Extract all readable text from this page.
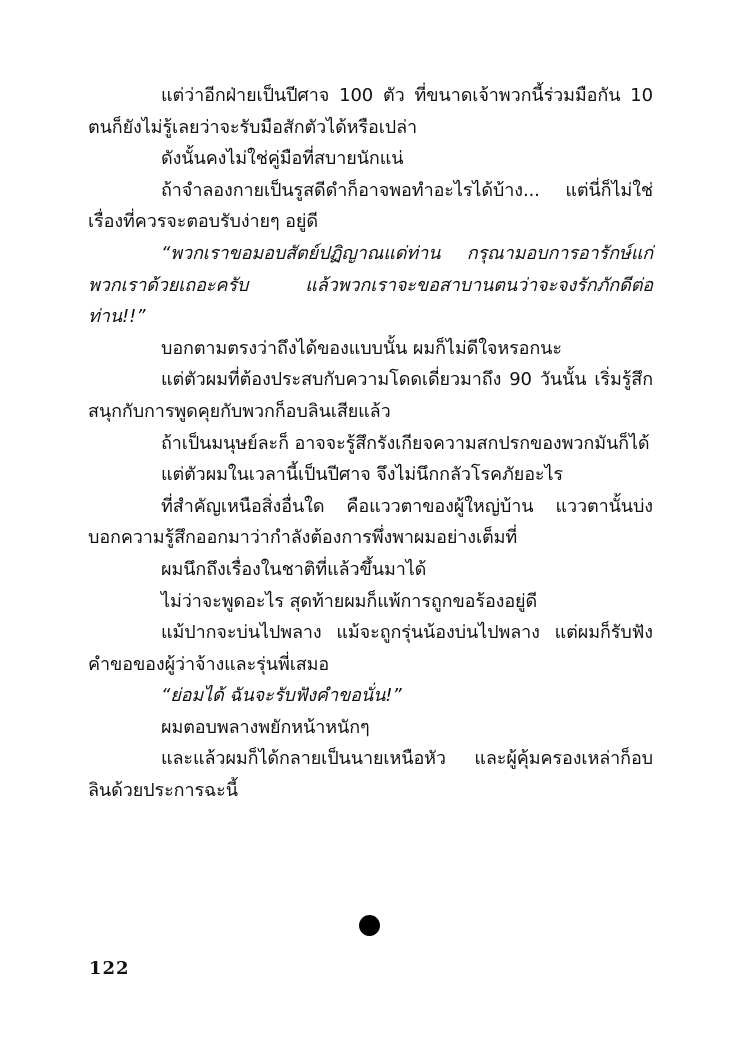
แต่ว่าอีกฝ่ายเป็นปีศาจ 100 ตัว ที่ขนาดเจ้าพวกนี้ร่วมมือกัน 10 ตนก็ยังไม่รู้เลยว่าจะรับมือสักตัวได้หรือเปล่า

ดังนั้นคงไม่ใช่คู่มือที่สบายนักแน่

ถ้าจำลองกายเป็นรูสดีดำก็อาจพอทำอะไรได้บ้าง... แต่นี่ก็ไม่ใช่เรื่องที่ควรจะตอบรับง่ายๆ อยู่ดี

“พวกเราขอมอบสัตย์ปฏิญาณแด่ท่าน กรุณามอบการอารักษ์แก่พวกเราด้วยเถอะครับ แล้วพวกเราจะขอสาบานตนว่าจะจงรักภักดีต่อท่าน!!”

บอกตามตรงว่าถึงได้ของแบบนั้น ผมก็ไม่ดีใจหรอกนะ

แต่ตัวผมที่ต้องประสบกับความโดดเดี่ยวมาถึง 90 วันนั้น เริ่มรู้สึกสนุกกับการพูดคุยกับพวกก็อบลินเสียแล้ว

ถ้าเป็นมนุษย์ละก็ อาจจะรู้สึกรังเกียจความสกปรกของพวกมันก็ได้

แต่ตัวผมในเวลานี้เป็นปีศาจ จึงไม่นึกกลัวโรคภัยอะไร

ที่สำคัญเหนือสิ่งอื่นใด คือแววตาของผู้ใหญ่บ้าน แววตานั้นบ่งบอกความรู้สึกออกมาว่ากำลังต้องการพึ่งพาผมอย่างเต็มที่

ผมนึกถึงเรื่องในชาติที่แล้วขึ้นมาได้

ไม่ว่าจะพูดอะไร สุดท้ายผมก็แพ้การถูกขอร้องอยู่ดี

แม้ปากจะบ่นไปพลาง แม้จะถูกรุ่นน้องบ่นไปพลาง แต่ผมก็รับฟังคำขอของผู้ว่าจ้างและรุ่นพี่เสมอ

“ย่อมได้ ฉันจะรับฟังคำขอนั่น!”

ผมตอบพลางพยักหน้าหนักๆ

และแล้วผมก็ได้กลายเป็นนายเหนือหัว และผู้คุ้มครองเหล่าก็อบลินด้วยประการฉะนี้

122
